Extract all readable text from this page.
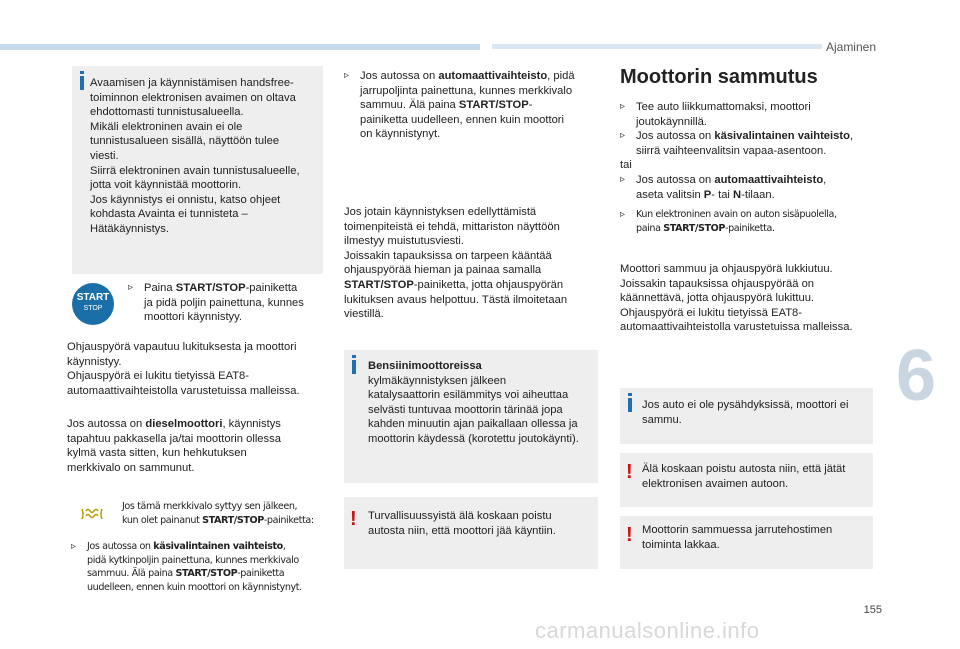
Ajaminen
6
155
carmanualsonline.info
Avaamisen ja käynnistämisen handsfree-
toiminnon elektronisen avaimen on oltava
ehdottomasti tunnistusalueella.
Mikäli elektroninen avain ei ole
tunnistusalueen sisällä, näyttöön tulee
viesti.
Siirrä elektroninen avain tunnistusalueelle,
jotta voit käynnistää moottorin.
Jos käynnistys ei onnistu, katso ohjeet
kohdasta Avainta ei tunnisteta –
Hätäkäynnistys.
START
STOP
▹ Paina START/STOP-painiketta
ja pidä poljin painettuna, kunnes
moottori käynnistyy.
Ohjauspyörä vapautuu lukituksesta ja moottori
käynnistyy.
Ohjauspyörä ei lukitu tietyissä EAT8-
automaattivaihteistolla varustetuissa malleissa.
Jos autossa on dieselmoottori, käynnistys
tapahtuu pakkasella ja/tai moottorin ollessa
kylmä vasta sitten, kun hehkutuksen
merkkivalo on sammunut.
Jos tämä merkkivalo syttyy sen jälkeen,
kun olet painanut START/STOP-painiketta:
▹ Jos autossa on käsivalintainen vaihteisto,
pidä kytkinpoljin painettuna, kunnes merkkivalo
sammuu. Älä paina START/STOP-painiketta
uudelleen, ennen kuin moottori on käynnistynyt.
▹ Jos autossa on automaattivaihteisto, pidä
jarrupoljinta painettuna, kunnes merkkivalo
sammuu. Älä paina START/STOP-
painiketta uudelleen, ennen kuin moottori
on käynnistynyt.
Jos jotain käynnistyksen edellyttämistä
toimenpiteistä ei tehdä, mittariston näyttöön
ilmestyy muistutusviesti.
Joissakin tapauksissa on tarpeen kääntää
ohjauspyörää hieman ja painaa samalla
START/STOP-painiketta, jotta ohjauspyörän
lukituksen avaus helpottuu. Tästä ilmoitetaan
viestillä.
Bensiinimoottoreissa
kylmäkäynnistyksen jälkeen
katalysaattorin esilämmitys voi aiheuttaa
selvästi tuntuvaa moottorin tärinää jopa
kahden minuutin ajan paikallaan ollessa ja
moottorin käydessä (korotettu joutokäynti).
! Turvallisuussyistä älä koskaan poistu
autosta niin, että moottori jää käyntiin.
Moottorin sammutus
▹ Tee auto liikkumattomaksi, moottori
joutokäynnillä.
▹ Jos autossa on käsivalintainen vaihteisto,
siirrä vaihteenvalitsin vapaa-asentoon.
tai
▹ Jos autossa on automaattivaihteisto,
aseta valitsin P- tai N-tilaan.
▹ Kun elektroninen avain on auton sisäpuolella,
paina START/STOP-painiketta.
Moottori sammuu ja ohjauspyörä lukkiutuu.
Joissakin tapauksissa ohjauspyörää on
käännettävä, jotta ohjauspyörä lukittuu.
Ohjauspyörä ei lukitu tietyissä EAT8-
automaattivaihteistolla varustetuissa malleissa.
Jos auto ei ole pysähdyksissä, moottori ei
sammu.
! Älä koskaan poistu autosta niin, että jätät
elektronisen avaimen autoon.
! Moottorin sammuessa jarrutehostimen
toiminta lakkaa.
